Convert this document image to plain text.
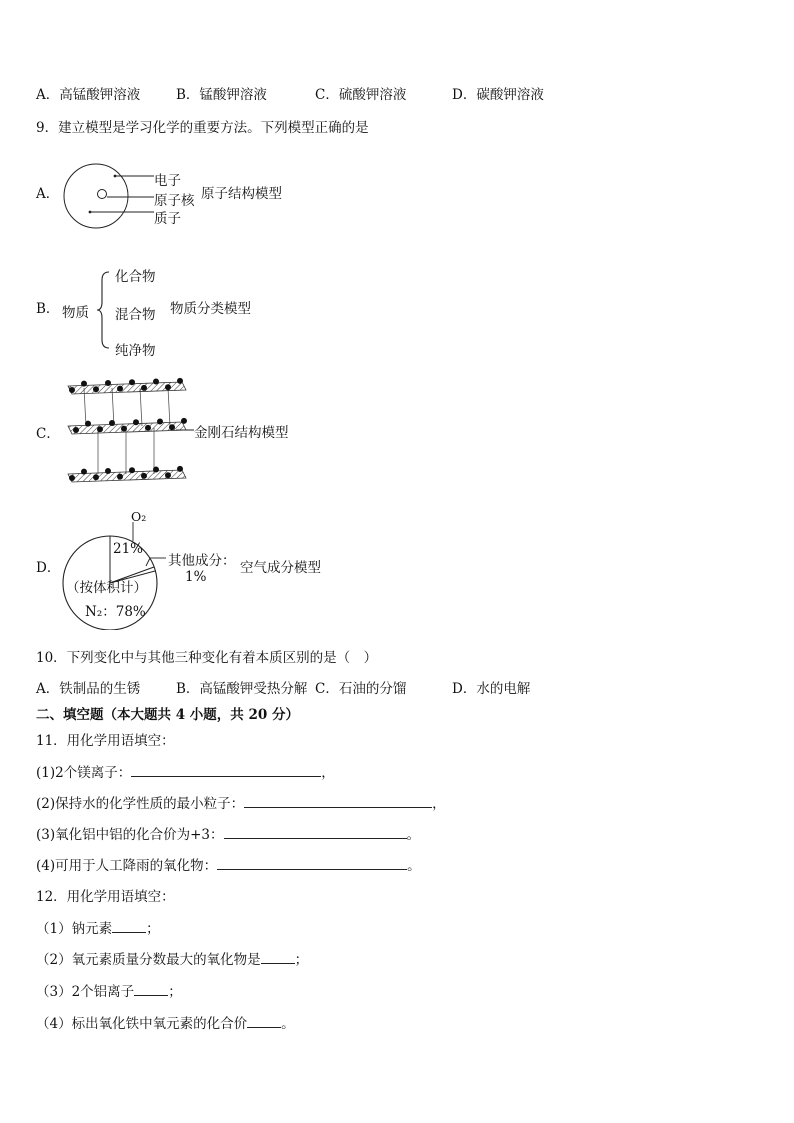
A．高锰酸钾溶液	B．锰酸钾溶液	C．硫酸钾溶液	D．碳酸钾溶液
9．建立模型是学习化学的重要方法。下列模型正确的是
A．
电子
原子核
质子
原子结构模型
B． 物质
化合物
混合物
纯净物
物质分类模型
C．	金刚石结构模型
D．
O₂
21%
其他成分：
1%
（按体积计）
N₂：78%
空气成分模型
10．下列变化中与其他三种变化有着本质区别的是（　）
A．铁制品的生锈	B．高锰酸钾受热分解 C．石油的分馏	D．水的电解
二、填空题（本大题共 4 小题，共 20 分）
11．用化学用语填空：
(1)2个镁离子：	，
(2)保持水的化学性质的最小粒子：	，
(3)氧化铝中铝的化合价为+3：	。
(4)可用于人工降雨的氧化物：	。
12．用化学用语填空：
（1）钠元素	；
（2）氧元素质量分数最大的氧化物是	；
（3）2个铝离子	；
（4）标出氧化铁中氧元素的化合价	。
